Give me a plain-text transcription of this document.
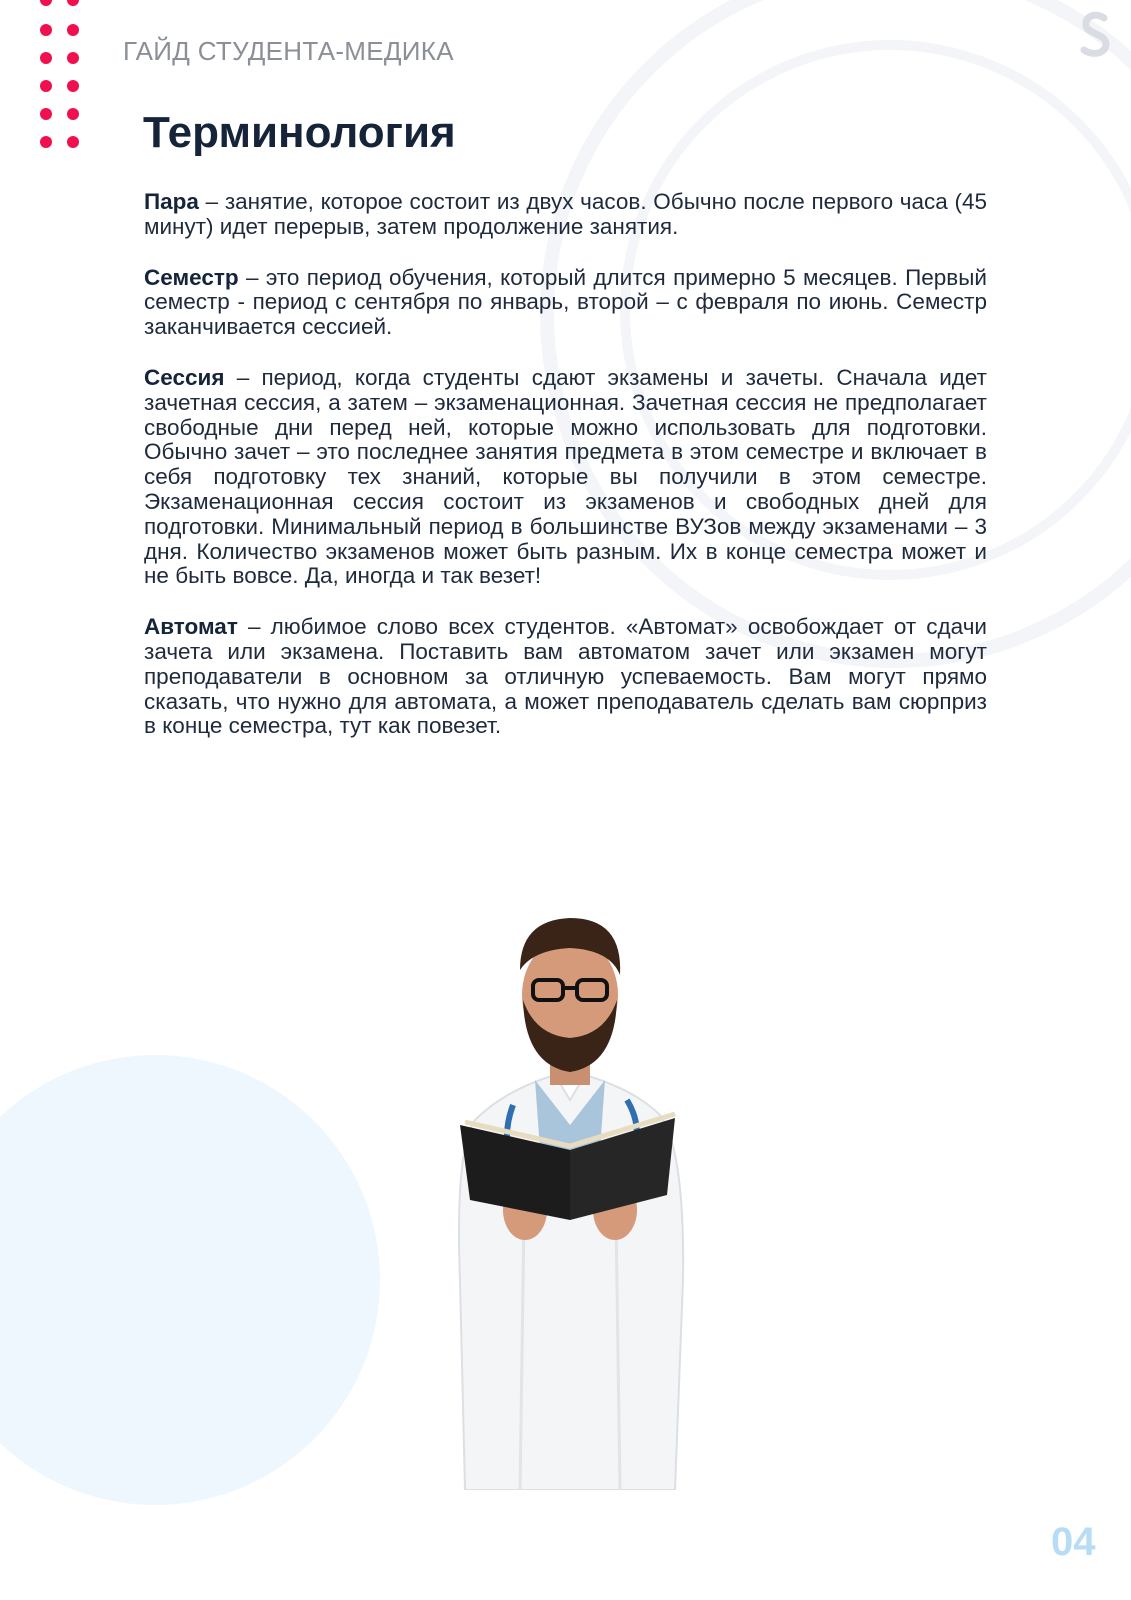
ГАЙД СТУДЕНТА-МЕДИКА
Терминология

Пара – занятие, которое состоит из двух часов. Обычно после первого часа (45 минут) идет перерыв, затем продолжение занятия.

Семестр – это период обучения, который длится примерно 5 месяцев. Первый семестр - период с сентября по январь, второй – с февраля по июнь. Семестр заканчивается сессией.

Сессия – период, когда студенты сдают экзамены и зачеты. Сначала идет зачетная сессия, а затем – экзаменационная. Зачетная сессия не предполагает свободные дни перед ней, которые можно использовать для подготовки. Обычно зачет – это последнее занятия предмета в этом семестре и включает в себя подготовку тех знаний, которые вы получили в этом семестре. Экзаменационная сессия состоит из экзаменов и свободных дней для подготовки. Минимальный период в большинстве ВУЗов между экзаменами – 3 дня. Количество экзаменов может быть разным. Их в конце семестра может и не быть вовсе. Да, иногда и так везет!

Автомат – любимое слово всех студентов. «Автомат» освобождает от сдачи зачета или экзамена. Поставить вам автоматом зачет или экзамен могут преподаватели в основном за отличную успеваемость. Вам могут прямо сказать, что нужно для автомата, а может преподаватель сделать вам сюрприз в конце семестра, тут как повезет.

04
